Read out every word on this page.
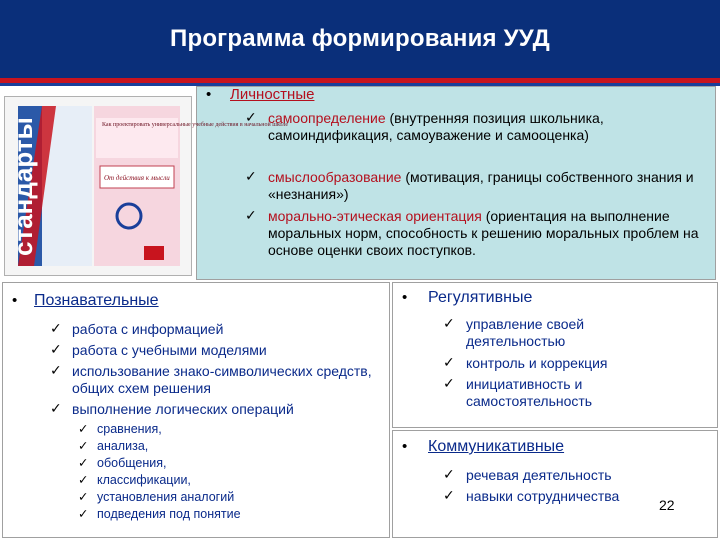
Программа формирования УУД
стандарты	Как проектировать универсальные учебные действия в начальной школе
От действия к мысли
• Личностные
✓ самоопределение (внутренняя позиция школьника, самоиндификация, самоуважение и самооценка)
✓ смыслообразование (мотивация, границы собственного знания и «незнания»)
✓ морально-этическая ориентация (ориентация на выполнение моральных норм, способность к решению моральных проблем на основе оценки своих поступков.
• Познавательные
✓ работа с информацией
✓ работа с учебными моделями
✓ использование знако-символических средств, общих схем решения
✓ выполнение логических операций
✓ сравнения,
✓ анализа,
✓ обобщения,
✓ классификации,
✓ установления аналогий
✓ подведения под понятие
• Регулятивные
✓ управление своей деятельностью
✓ контроль и коррекция
✓ инициативность и самостоятельность
• Коммуникативные
✓ речевая деятельность
✓ навыки сотрудничества
22
